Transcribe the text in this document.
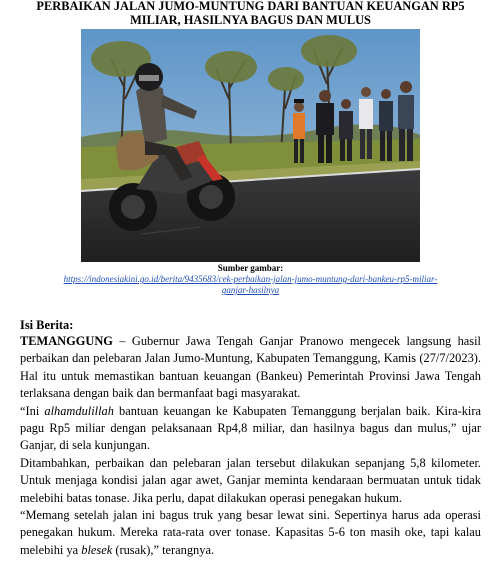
PERBAIKAN JALAN JUMO-MUNTUNG DARI BANTUAN KEUANGAN RP5
MILIAR, HASILNYA BAGUS DAN MULUS
Sumber gambar:
https://indonesiakini.go.id/berita/9435683/cek-perbaikan-jalan-jumo-muntung-dari-bankeu-rp5-miliar-
ganjar-hasilnya
Isi Berita:

TEMANGGUNG – Gubernur Jawa Tengah Ganjar Pranowo mengecek langsung hasil perbaikan dan pelebaran Jalan Jumo-Muntung, Kabupaten Temanggung, Kamis (27/7/2023). Hal itu untuk memastikan bantuan keuangan (Bankeu) Pemerintah Provinsi Jawa Tengah terlaksana dengan baik dan bermanfaat bagi masyarakat.

“Ini alhamdulillah bantuan keuangan ke Kabupaten Temanggung berjalan baik. Kira-kira pagu Rp5 miliar dengan pelaksanaan Rp4,8 miliar, dan hasilnya bagus dan mulus,” ujar Ganjar, di sela kunjungan.

Ditambahkan, perbaikan dan pelebaran jalan tersebut dilakukan sepanjang 5,8 kilometer. Untuk menjaga kondisi jalan agar awet, Ganjar meminta kendaraan bermuatan untuk tidak melebihi batas tonase. Jika perlu, dapat dilakukan operasi penegakan hukum.

“Memang setelah jalan ini bagus truk yang besar lewat sini. Sepertinya harus ada operasi penegakan hukum. Mereka rata-rata over tonase. Kapasitas 5-6 ton masih oke, tapi kalau melebihi ya blesek (rusak),” terangnya.
